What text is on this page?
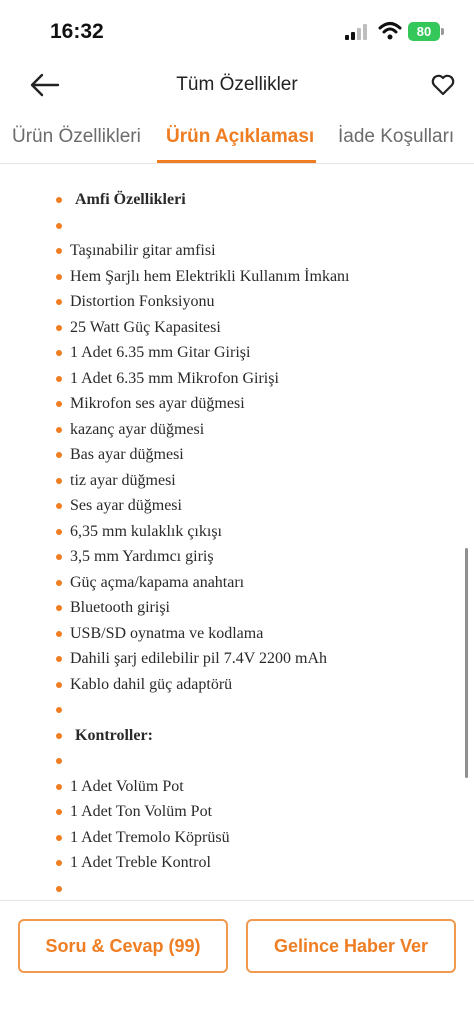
16:32	80
Tüm Özellikler
Ürün Özellikleri Ürün Açıklaması İade Koşulları
Amfi Özellikleri
Taşınabilir gitar amfisi
Hem Şarjlı hem Elektrikli Kullanım İmkanı
Distortion Fonksiyonu
25 Watt Güç Kapasitesi
1 Adet 6.35 mm Gitar Girişi
1 Adet 6.35 mm Mikrofon Girişi
Mikrofon ses ayar düğmesi
kazanç ayar düğmesi
Bas ayar düğmesi
tiz ayar düğmesi
Ses ayar düğmesi
6,35 mm kulaklık çıkışı
3,5 mm Yardımcı giriş
Güç açma/kapama anahtarı
Bluetooth girişi
USB/SD oynatma ve kodlama
Dahili şarj edilebilir pil 7.4V 2200 mAh
Kablo dahil güç adaptörü
Kontroller:
1 Adet Volüm Pot
1 Adet Ton Volüm Pot
1 Adet Tremolo Köprüsü
1 Adet Treble Kontrol
Soru & Cevap (99)	Gelince Haber Ver
